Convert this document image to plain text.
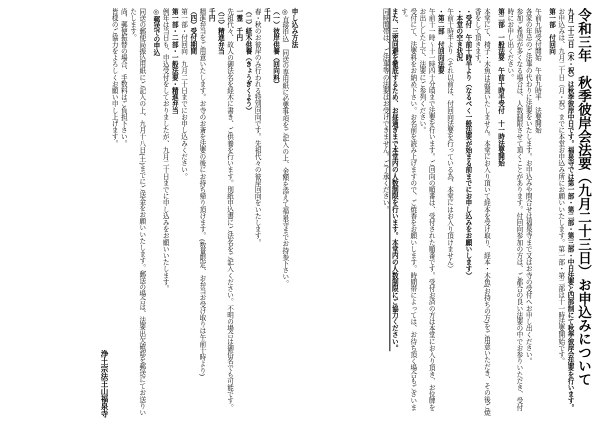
令和三年　秋季彼岸会法要（九月二十三日）お申込みについて
九月二十三日（木・祝）は秋季彼岸中日です。福泉寺では第一部・第二部・第三部・中日法要と四部制にて秋季彼岸会法要を行います。
お申込みは、九月二十日（月・祝）までに本堂お申込み所にお願いいたします。第一部・第二部は十一時法要開始です。
第一部　付回向
午前九時受付開始　午前九時半　法要開始
各家の年忌のご法事の代わりに法要をいたします。お申込みや問合せは福泉寺まで又はお寺の受付へお申し出ください。
参加ご希望が多くなる場合は、人数制限させて頂くことがあります。付回向参加の方は、ご都合の良い法要の中でお参りいただき、受付時にお申し出ください。
第二部　一般法要　午前十時半受付　十一時法要開始
本堂にて、椅子・木魚は設置いたしません。本堂にお入り頂いて経本を受け取り、経本・木魚(お持ちの方)をご用意いただき、その後ご焼香をして頂きます。
・受付　午前十時半より（なるべく一般法要が始まる前までにお申し込みをお願いします）
・本堂の空き状況
午前十時半より（それ以前は、付回向法要を行っている為、本堂にはお入り頂けません）
・第二部　付回向法要
午前十一時～十一時四十分頃まで法要を行います。ご回向の順番は、受付された順番です。受付お済の方は本堂にお入り頂き、お位牌をお出しした上で、法要にご参列ください。
受付にて、法要料をお納め下さい。お名前を読み上げますので、ご焼香をお願いします。時間帯によっては、お待ち頂く場合もございます。
また、三密回避を徹底するため、お昼過ぎまで本堂内の人数制限を行います。本堂内の人数制限にご協力ください。
同時間帯は、ご法事等の法要はお受けできません。ご了承ください。
申し込み方法
◎直接申込　同送の専用紙に必要事項をご記入の上、金額を添えて福泉寺までお持参下さい。
（一）彼岸供養（回向料）
千円
春・秋のお彼岸のみ行われる特別回向です。先祖代々の彼岸回向をいたします。
（二）経木供養（きょうぎくよう）
一霊　千円
先祖代々、故人の御法名を経木に書き、ご供養を行います。別紙申込書にご法名をご記入ください。不明の場合は御俗名でも可能です。
（三）精進弁当
千円
精進弁当をご用意いたします。お寺のお斎を法要の後にお持ち帰り頂けます。(数量限定、お弁当お受け取りは午前十時より)
（四）受付期間
第一部・付回向　九月二十日までにお申し込みください。
第一部・二部・一般法要・精進弁当
例年は当日も、申込受付をしておりましたが、九月二十日までに申し込みをお願いいたします。
◎郵送での申込
同送の郵便局振込用紙にご記入の上、九月十八日(土)までにご送金をお願いいたします。郵送の場合は、法要出欠確認を郵送にてお送りいたします。
尚、郵便振替の場合、手数料はご負担下さい。
皆様のご協力をよろしくお願い申し上げます。
浄土宗法王山福泉寺
